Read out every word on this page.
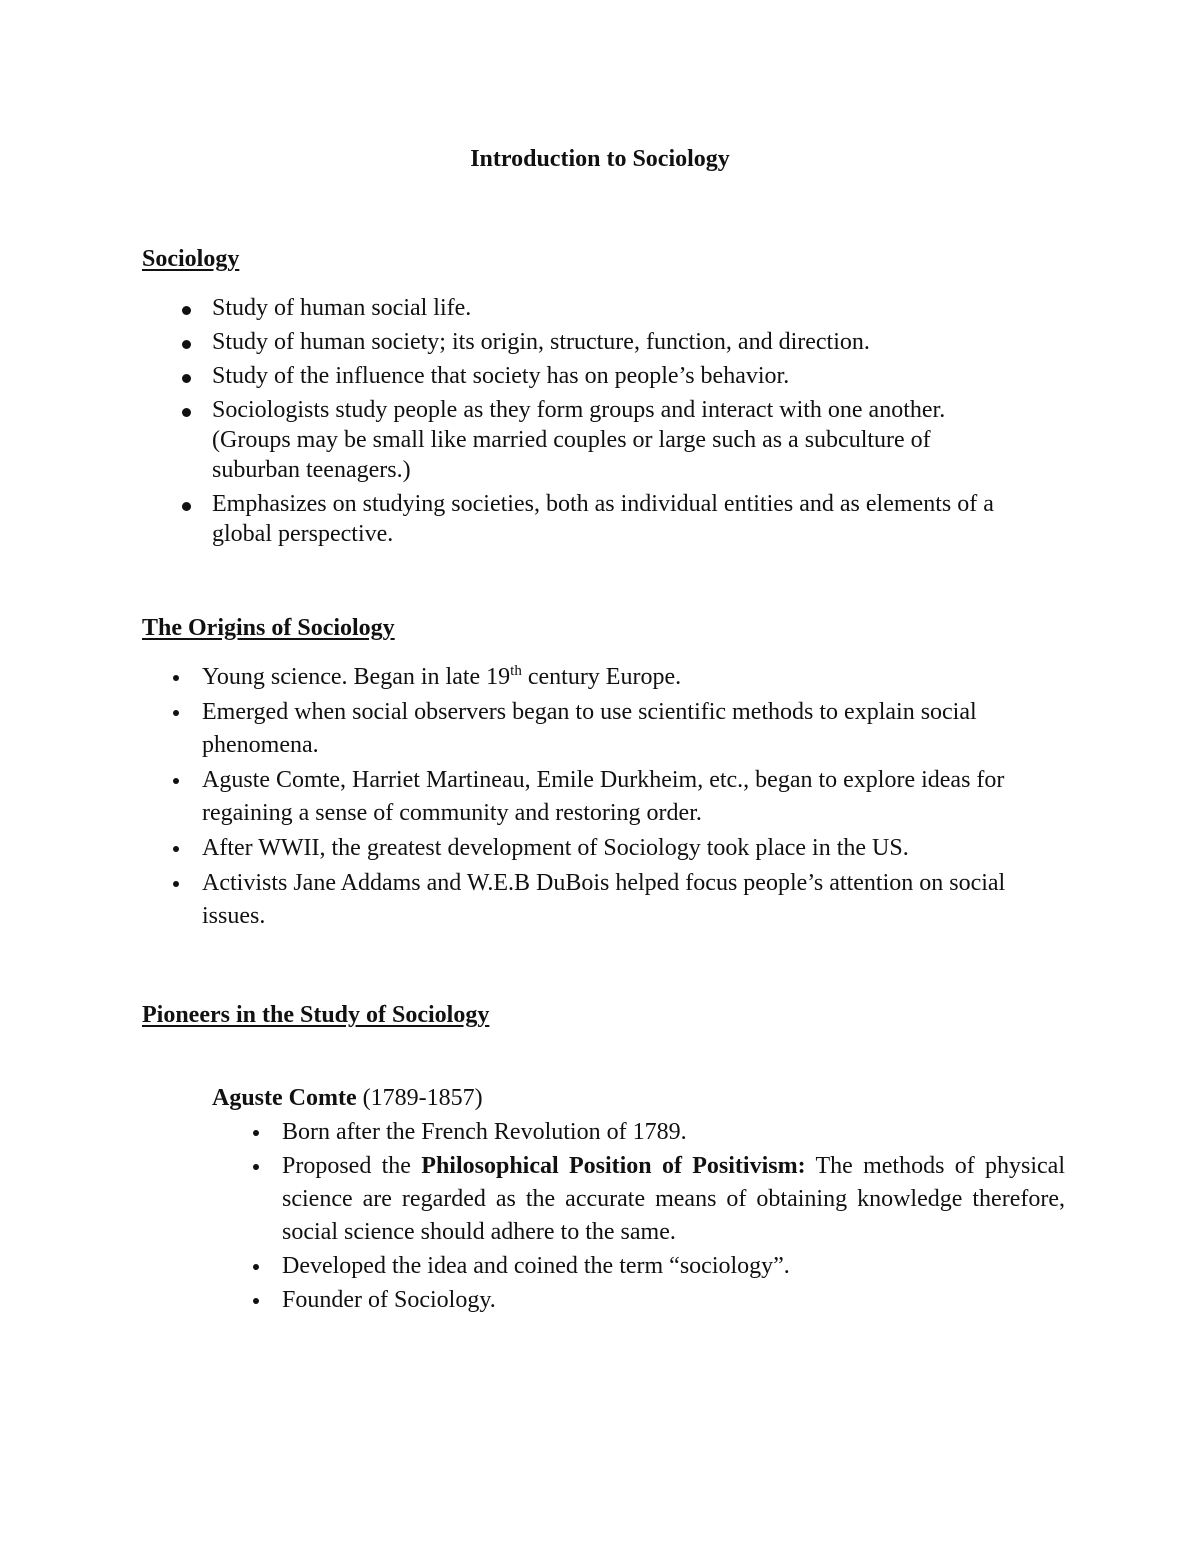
Introduction to Sociology
Sociology
Study of human social life.
Study of human society; its origin, structure, function, and direction.
Study of the influence that society has on people’s behavior.
Sociologists study people as they form groups and interact with one another. (Groups may be small like married couples or large such as a subculture of suburban teenagers.)
Emphasizes on studying societies, both as individual entities and as elements of a global perspective.
The Origins of Sociology
Young science. Began in late 19th century Europe.
Emerged when social observers began to use scientific methods to explain social phenomena.
Aguste Comte, Harriet Martineau, Emile Durkheim, etc., began to explore ideas for regaining a sense of community and restoring order.
After WWII, the greatest development of Sociology took place in the US.
Activists Jane Addams and W.E.B DuBois helped focus people’s attention on social issues.
Pioneers in the Study of Sociology
Aguste Comte (1789-1857)
Born after the French Revolution of 1789.
Proposed the Philosophical Position of Positivism: The methods of physical science are regarded as the accurate means of obtaining knowledge therefore, social science should adhere to the same.
Developed the idea and coined the term “sociology”.
Founder of Sociology.
